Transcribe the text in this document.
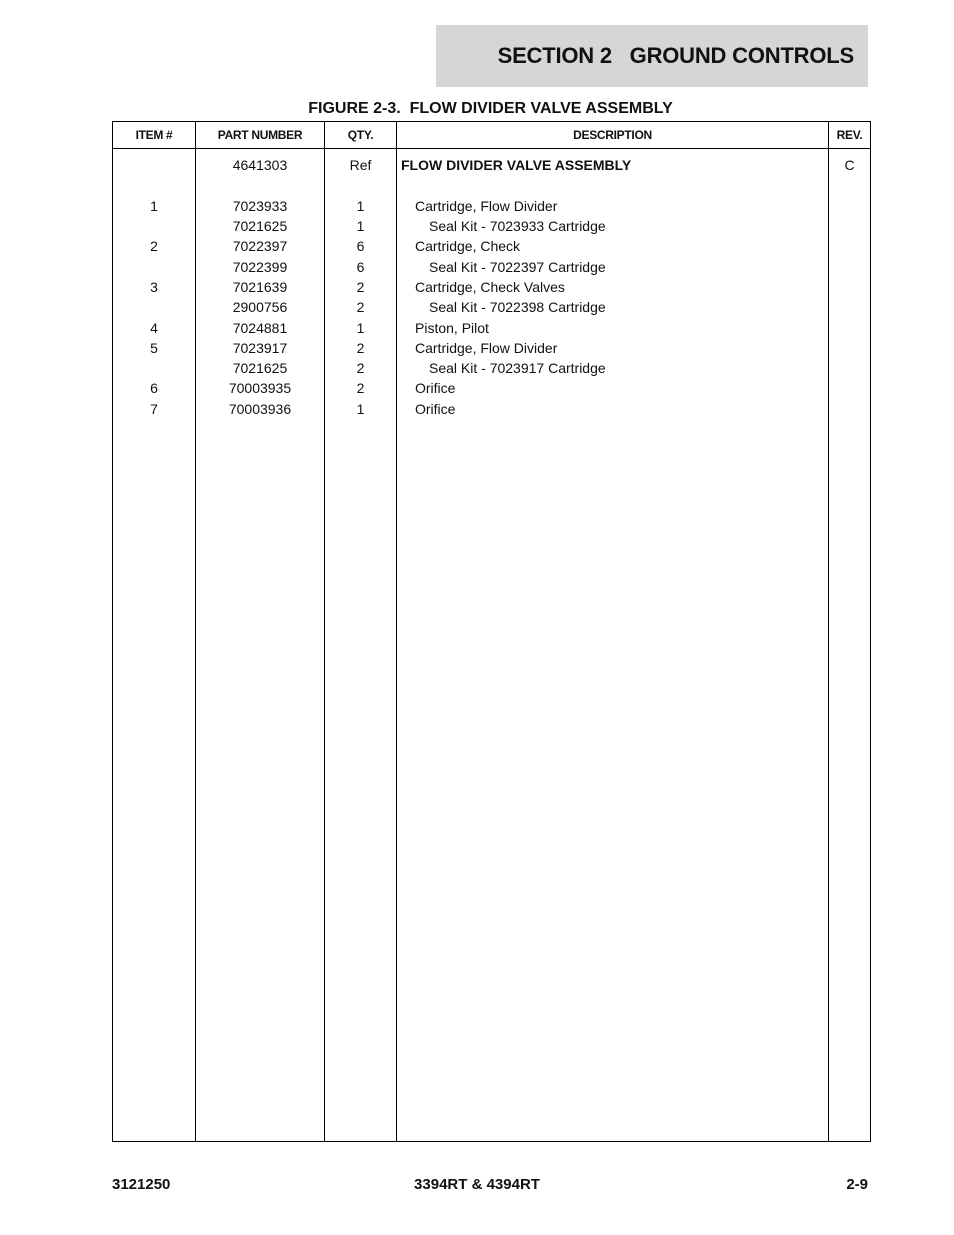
SECTION 2   GROUND CONTROLS
FIGURE 2-3.  FLOW DIVIDER VALVE ASSEMBLY
ITEM #	PART NUMBER	QTY.	DESCRIPTION	REV.

	4641303	Ref	FLOW DIVIDER VALVE ASSEMBLY	C

1	7023933	1	Cartridge, Flow Divider	
	7021625	1	Seal Kit - 7023933 Cartridge	
2	7022397	6	Cartridge, Check	
	7022399	6	Seal Kit - 7022397 Cartridge	
3	7021639	2	Cartridge, Check Valves	
	2900756	2	Seal Kit - 7022398 Cartridge	
4	7024881	1	Piston, Pilot	
5	7023917	2	Cartridge, Flow Divider	
	7021625	2	Seal Kit - 7023917 Cartridge	
6	70003935	2	Orifice	
7	70003936	1	Orifice	

3121250	3394RT & 4394RT	2-9
